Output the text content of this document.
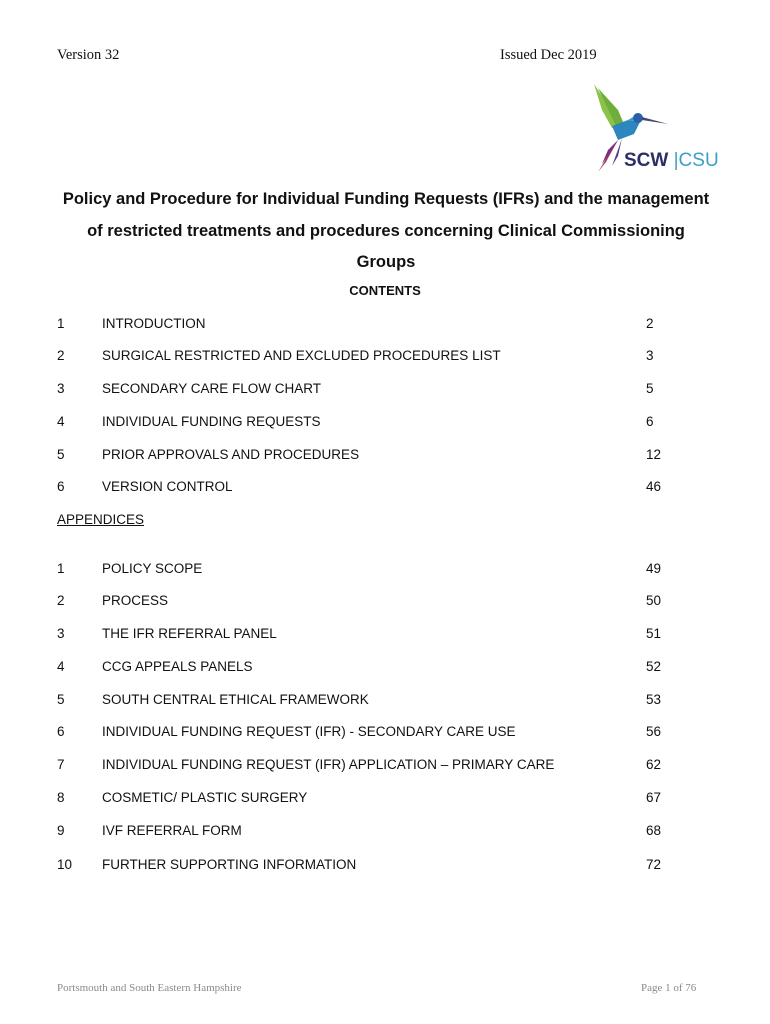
Version 32	Issued Dec 2019
SCW |CSU
Policy and Procedure for Individual Funding Requests (IFRs) and the management of restricted treatments and procedures concerning Clinical Commissioning Groups
CONTENTS
1	INTRODUCTION	2
2	SURGICAL RESTRICTED AND EXCLUDED PROCEDURES LIST	3
3	SECONDARY CARE FLOW CHART	5
4	INDIVIDUAL FUNDING REQUESTS	6
5	PRIOR APPROVALS AND PROCEDURES	12
6	VERSION CONTROL	46
APPENDICES
1	POLICY SCOPE	49
2	PROCESS	50
3	THE IFR REFERRAL PANEL	51
4	CCG APPEALS PANELS	52
5	SOUTH CENTRAL ETHICAL FRAMEWORK	53
6	INDIVIDUAL FUNDING REQUEST (IFR) - SECONDARY CARE USE	56
7	INDIVIDUAL FUNDING REQUEST (IFR) APPLICATION – PRIMARY CARE	62
8	COSMETIC/ PLASTIC SURGERY	67
9	IVF REFERRAL FORM	68
10 FURTHER SUPPORTING INFORMATION	72
Portsmouth and South Eastern Hampshire	Page 1 of 76
